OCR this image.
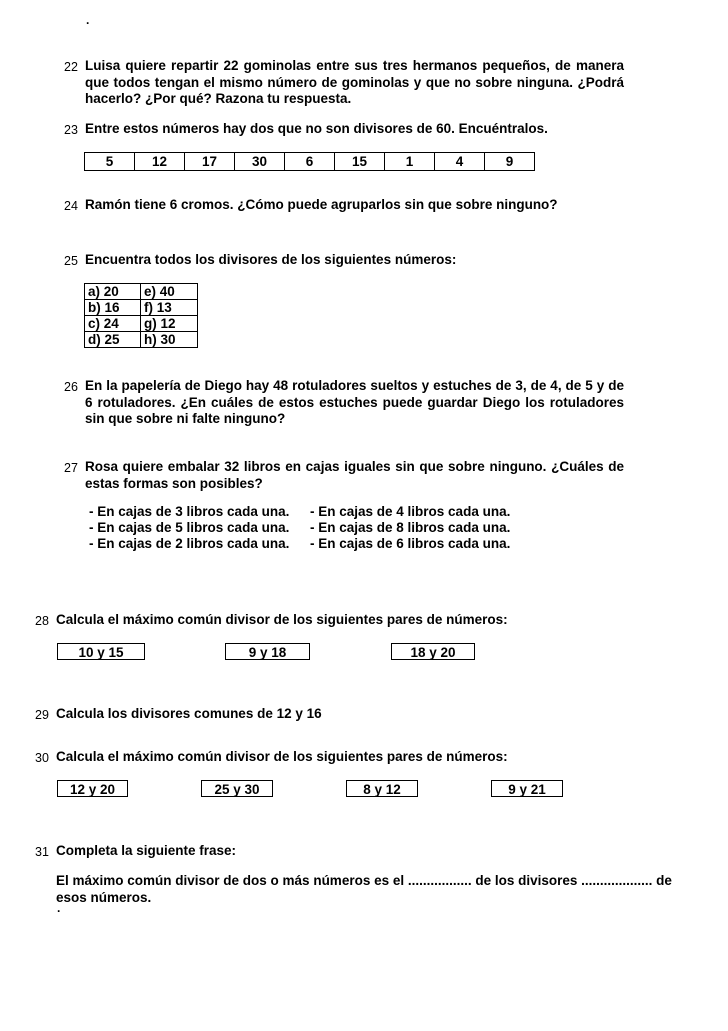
·
22 Luisa quiere repartir 22 gominolas entre sus tres hermanos pequeños, de manera que todos tengan el mismo número de gominolas y que no sobre ninguna. ¿Podrá hacerlo? ¿Por qué? Razona tu respuesta.
23 Entre estos números hay dos que no son divisores de 60. Encuéntralos.
5	12	17	30	6	15	1	4	9
24 Ramón tiene 6 cromos. ¿Cómo puede agruparlos sin que sobre ninguno?
25 Encuentra todos los divisores de los siguientes números:
a) 20	e) 40
b) 16	f) 13
c) 24	g) 12
d) 25	h) 30
26 En la papelería de Diego hay 48 rotuladores sueltos y estuches de 3, de 4, de 5 y de 6 rotuladores. ¿En cuáles de estos estuches puede guardar Diego los rotuladores sin que sobre ni falte ninguno?
27 Rosa quiere embalar 32 libros en cajas iguales sin que sobre ninguno. ¿Cuáles de estas formas son posibles?
- En cajas de 3 libros cada una. - En cajas de 4 libros cada una.
- En cajas de 5 libros cada una. - En cajas de 8 libros cada una.
- En cajas de 2 libros cada una. - En cajas de 6 libros cada una.
28 Calcula el máximo común divisor de los siguientes pares de números:
10 y 15	9 y 18	18 y 20
29 Calcula los divisores comunes de 12 y 16
30 Calcula el máximo común divisor de los siguientes pares de números:
12 y 20	25 y 30	8 y 12	9 y 21
31 Completa la siguiente frase:
El máximo común divisor de dos o más números es el ................. de los divisores ................... de esos números.
·
